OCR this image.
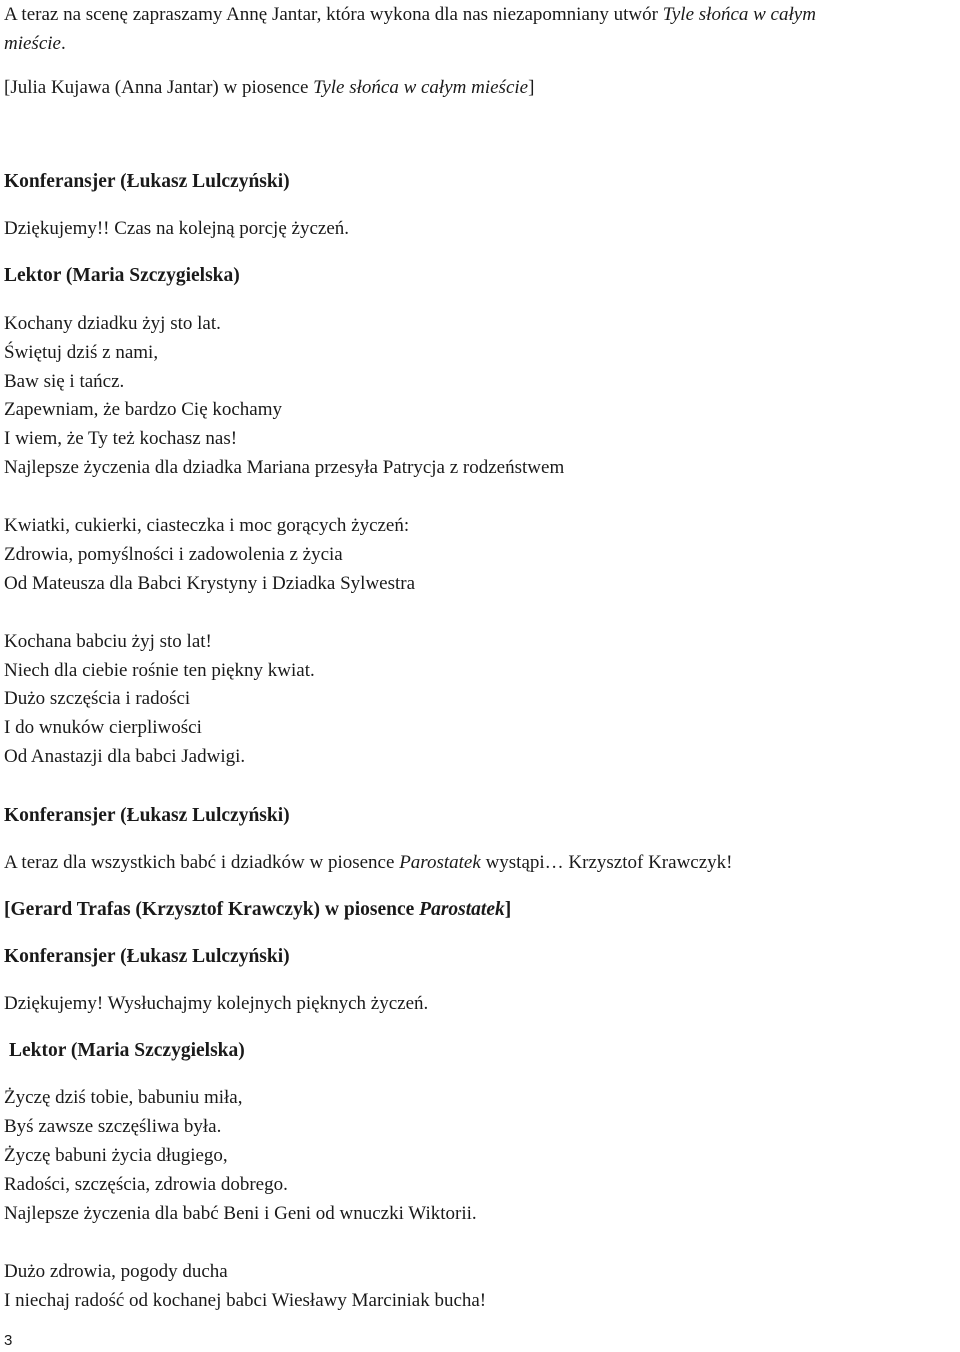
A teraz na scenę zapraszamy Annę Jantar, która wykona dla nas niezapomniany utwór Tyle słońca w całym
mieście.
[Julia Kujawa (Anna Jantar) w piosence Tyle słońca w całym mieście]
Konferansjer (Łukasz Lulczyński)
Dziękujemy!! Czas na kolejną porcję życzeń.
Lektor (Maria Szczygielska)
Kochany dziadku żyj sto lat.
Świętuj dziś z nami,
Baw się i tańcz.
Zapewniam, że bardzo Cię kochamy
I wiem, że Ty też kochasz nas!
Najlepsze życzenia dla dziadka Mariana przesyła Patrycja z rodzeństwem
Kwiatki, cukierki, ciasteczka i moc gorących życzeń:
Zdrowia, pomyślności i zadowolenia z życia
Od Mateusza dla Babci Krystyny i Dziadka Sylwestra
Kochana babciu żyj sto lat!
Niech dla ciebie rośnie ten piękny kwiat.
Dużo szczęścia i radości
I do wnuków cierpliwości
Od Anastazji dla babci Jadwigi.
Konferansjer (Łukasz Lulczyński)
A teraz dla wszystkich babć i dziadków w piosence Parostatek wystąpi… Krzysztof Krawczyk!
[Gerard Trafas (Krzysztof Krawczyk) w piosence Parostatek]
Konferansjer (Łukasz Lulczyński)
Dziękujemy! Wysłuchajmy kolejnych pięknych życzeń.
Lektor (Maria Szczygielska)
Życzę dziś tobie, babuniu miła,
Byś zawsze szczęśliwa była.
Życzę babuni życia długiego,
Radości, szczęścia, zdrowia dobrego.
Najlepsze życzenia dla babć Beni i Geni od wnuczki Wiktorii.
Dużo zdrowia, pogody ducha
I niechaj radość od kochanej babci Wiesławy Marciniak bucha!
3
